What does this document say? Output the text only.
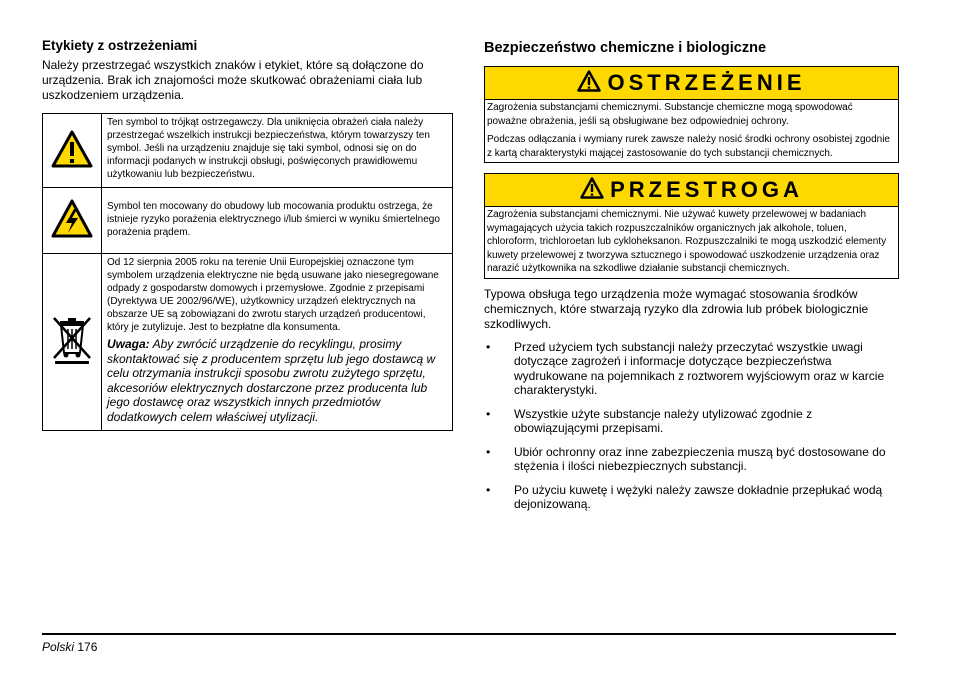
Etykiety z ostrzeżeniami

Należy przestrzegać wszystkich znaków i etykiet, które są dołączone do urządzenia. Brak ich znajomości może skutkować obrażeniami ciała lub uszkodzeniem urządzenia.

	Ten symbol to trójkąt ostrzegawczy. Dla uniknięcia obrażeń ciała należy przestrzegać wszelkich instrukcji bezpieczeństwa, którym towarzyszy ten symbol. Jeśli na urządzeniu znajduje się taki symbol, odnosi się on do informacji podanych w instrukcji obsługi, poświęconych prawidłowemu użytkowaniu lub bezpieczeństwu.
	Symbol ten mocowany do obudowy lub mocowania produktu ostrzega, że istnieje ryzyko porażenia elektrycznego i/lub śmierci w wyniku śmiertelnego porażenia prądem.

Od 12 sierpnia 2005 roku na terenie Unii Europejskiej oznaczone tym symbolem urządzenia elektryczne nie będą usuwane jako niesegregowane odpady z gospodarstw domowych i przemysłowe. Zgodnie z przepisami (Dyrektywa UE 2002/96/WE), użytkownicy urządzeń elektrycznych na obszarze UE są zobowiązani do zwrotu starych urządzeń producentowi, który je zutylizuje. Jest to bezpłatne dla konsumenta.
Uwaga: Aby zwrócić urządzenie do recyklingu, prosimy skontaktować się z producentem sprzętu lub jego dostawcą w celu otrzymania instrukcji sposobu zwrotu zużytego sprzętu, akcesoriów elektrycznych dostarczone przez producenta lub jego dostawcę oraz wszystkich innych przedmiotów dodatkowych celem właściwej utylizacji.
Bezpieczeństwo chemiczne i biologiczne
OSTRZEŻENIE

Zagrożenia substancjami chemicznymi. Substancje chemiczne mogą spowodować poważne obrażenia, jeśli są obsługiwane bez odpowiedniej ochrony.

Podczas odłączania i wymiany rurek zawsze należy nosić środki ochrony osobistej zgodnie z kartą charakterystyki mającej zastosowanie do tych substancji chemicznych.

PRZESTROGA

Zagrożenia substancjami chemicznymi. Nie używać kuwety przelewowej w badaniach wymagających użycia takich rozpuszczalników organicznych jak alkohole, toluen, chloroform, trichloroetan lub cykloheksanon. Rozpuszczalniki te mogą uszkodzić elementy kuwety przelewowej z tworzywa sztucznego i spowodować uszkodzenie urządzenia oraz narazić użytkownika na szkodliwe działanie substancji chemicznych.

Typowa obsługa tego urządzenia może wymagać stosowania środków chemicznych, które stwarzają ryzyko dla zdrowia lub próbek biologicznie szkodliwych.

• Przed użyciem tych substancji należy przeczytać wszystkie uwagi dotyczące zagrożeń i informacje dotyczące bezpieczeństwa wydrukowane na pojemnikach z roztworem wyjściowym oraz w karcie charakterystyki.
• Wszystkie użyte substancje należy utylizować zgodnie z obowiązującymi przepisami.
• Ubiór ochronny oraz inne zabezpieczenia muszą być dostosowane do stężenia i ilości niebezpiecznych substancji.
• Po użyciu kuwetę i wężyki należy zawsze dokładnie przepłukać wodą dejonizowaną.
Polski 176
